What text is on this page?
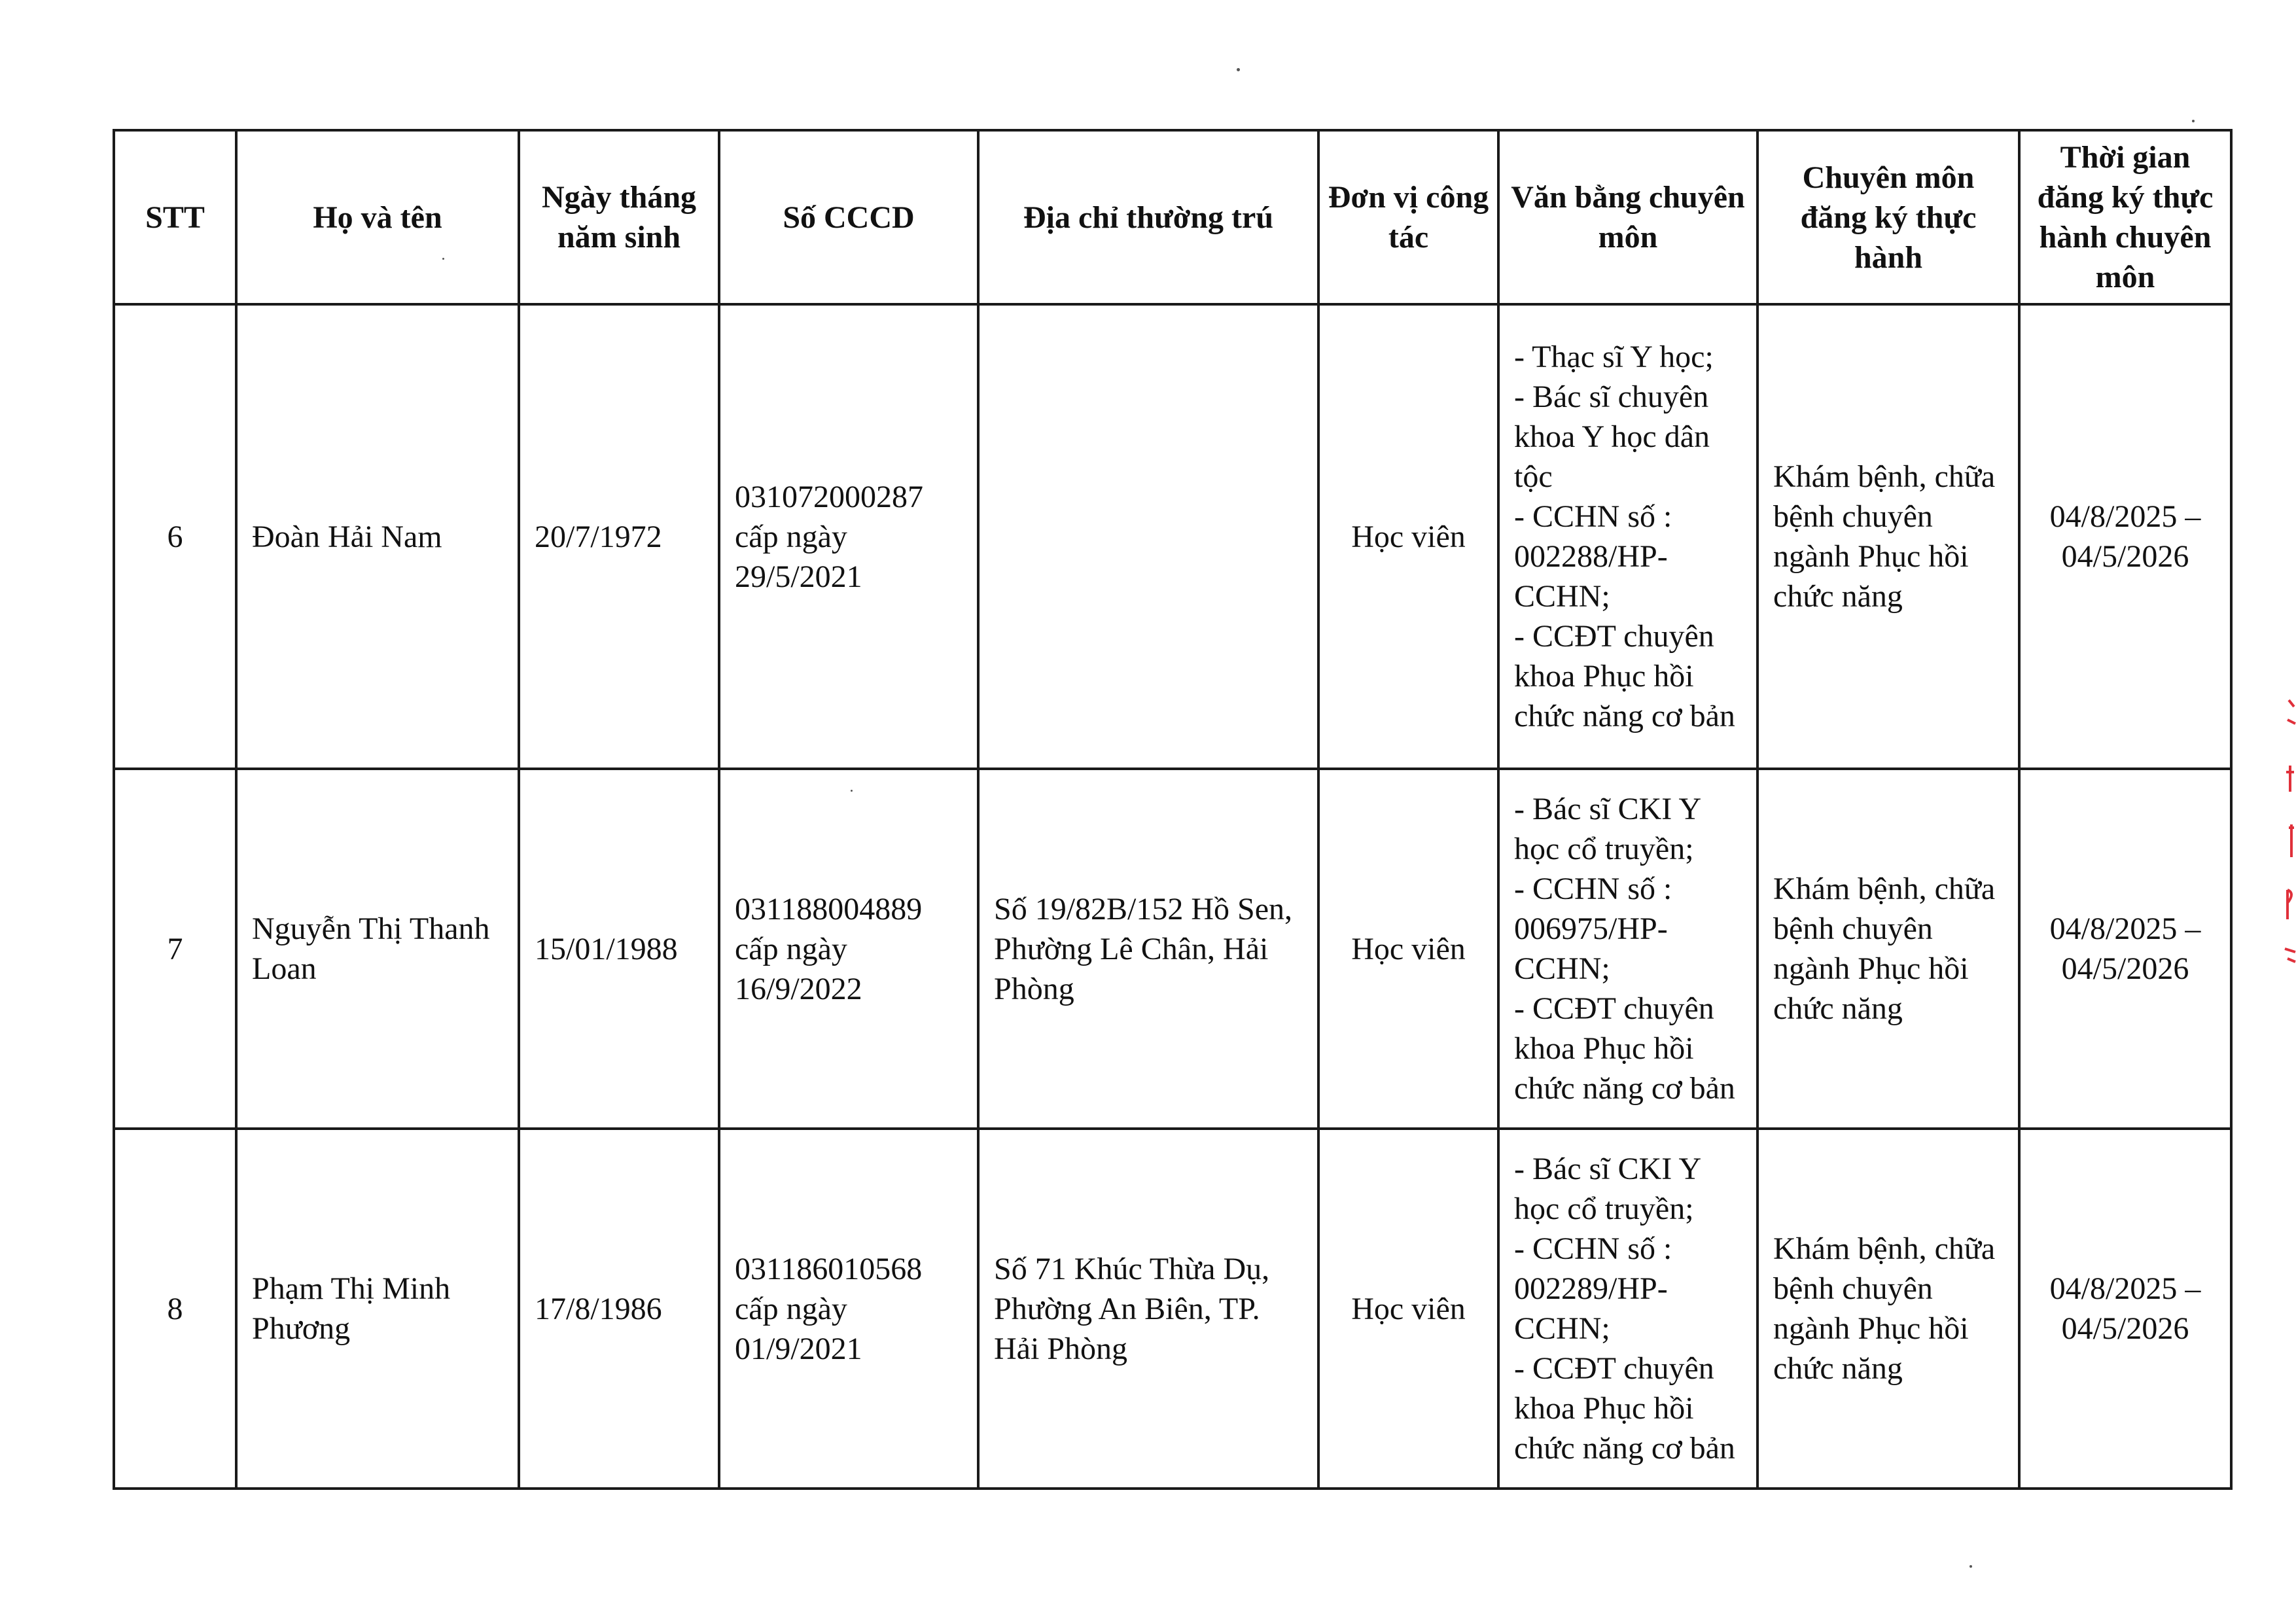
STT	Họ và tên	Ngày tháng năm sinh	Số CCCD	Địa chỉ thường trú	Đơn vị công tác	Văn bằng chuyên môn	Chuyên môn đăng ký thực hành	Thời gian đăng ký thực hành chuyên môn
6	Đoàn Hải Nam	20/7/1972	031072000287 cấp ngày 29/5/2021		Học viên	- Thạc sĩ Y học;
- Bác sĩ chuyên khoa Y học dân tộc
- CCHN số : 002288/HP-CCHN;
- CCĐT chuyên khoa Phục hồi chức năng cơ bản	Khám bệnh, chữa bệnh chuyên ngành Phục hồi chức năng	04/8/2025 – 04/5/2026
7	Nguyễn Thị Thanh Loan	15/01/1988	031188004889 cấp ngày 16/9/2022	Số 19/82B/152 Hồ Sen, Phường Lê Chân, Hải Phòng	Học viên	- Bác sĩ CKI Y học cổ truyền;
- CCHN số : 006975/HP-CCHN;
- CCĐT chuyên khoa Phục hồi chức năng cơ bản	Khám bệnh, chữa bệnh chuyên ngành Phục hồi chức năng	04/8/2025 – 04/5/2026
8	Phạm Thị Minh Phương	17/8/1986	031186010568 cấp ngày 01/9/2021	Số 71 Khúc Thừa Dụ, Phường An Biên, TP. Hải Phòng	Học viên	- Bác sĩ CKI Y học cổ truyền;
- CCHN số : 002289/HP-CCHN;
- CCĐT chuyên khoa Phục hồi chức năng cơ bản	Khám bệnh, chữa bệnh chuyên ngành Phục hồi chức năng	04/8/2025 – 04/5/2026
